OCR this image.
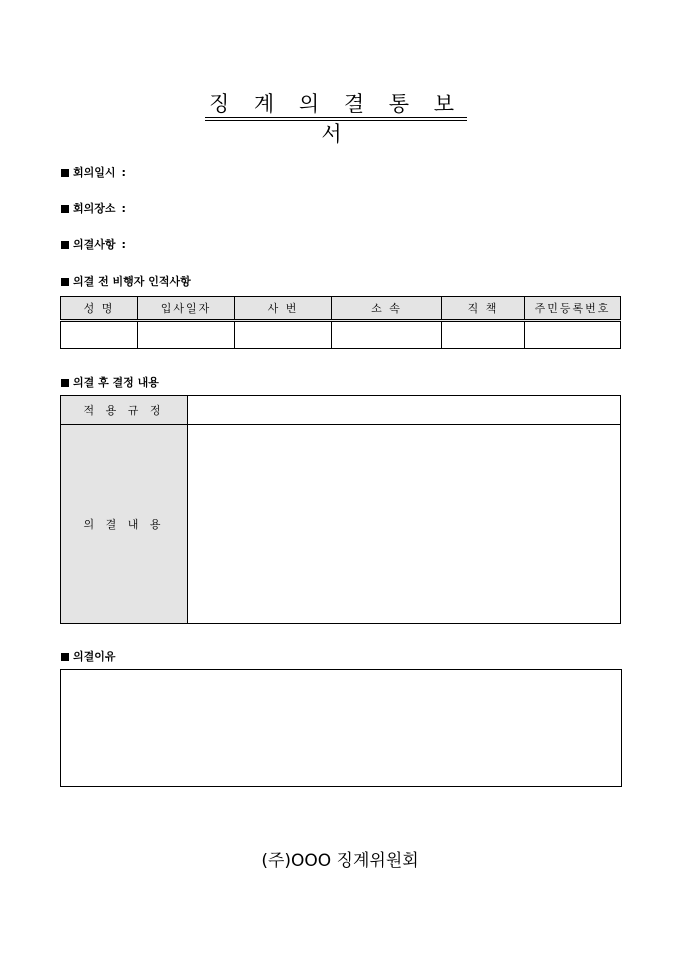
징 계 의 결 통 보 서
회의일시 :
회의장소 :
의결사항 :
의결 전 비행자 인적사항
성 명	입사일자	사 번	소 속	직 책	주민등록번호

의결 후 결정 내용
적 용 규 정	
의 결 내 용	
의결이유
(주)OOO 징계위원회
